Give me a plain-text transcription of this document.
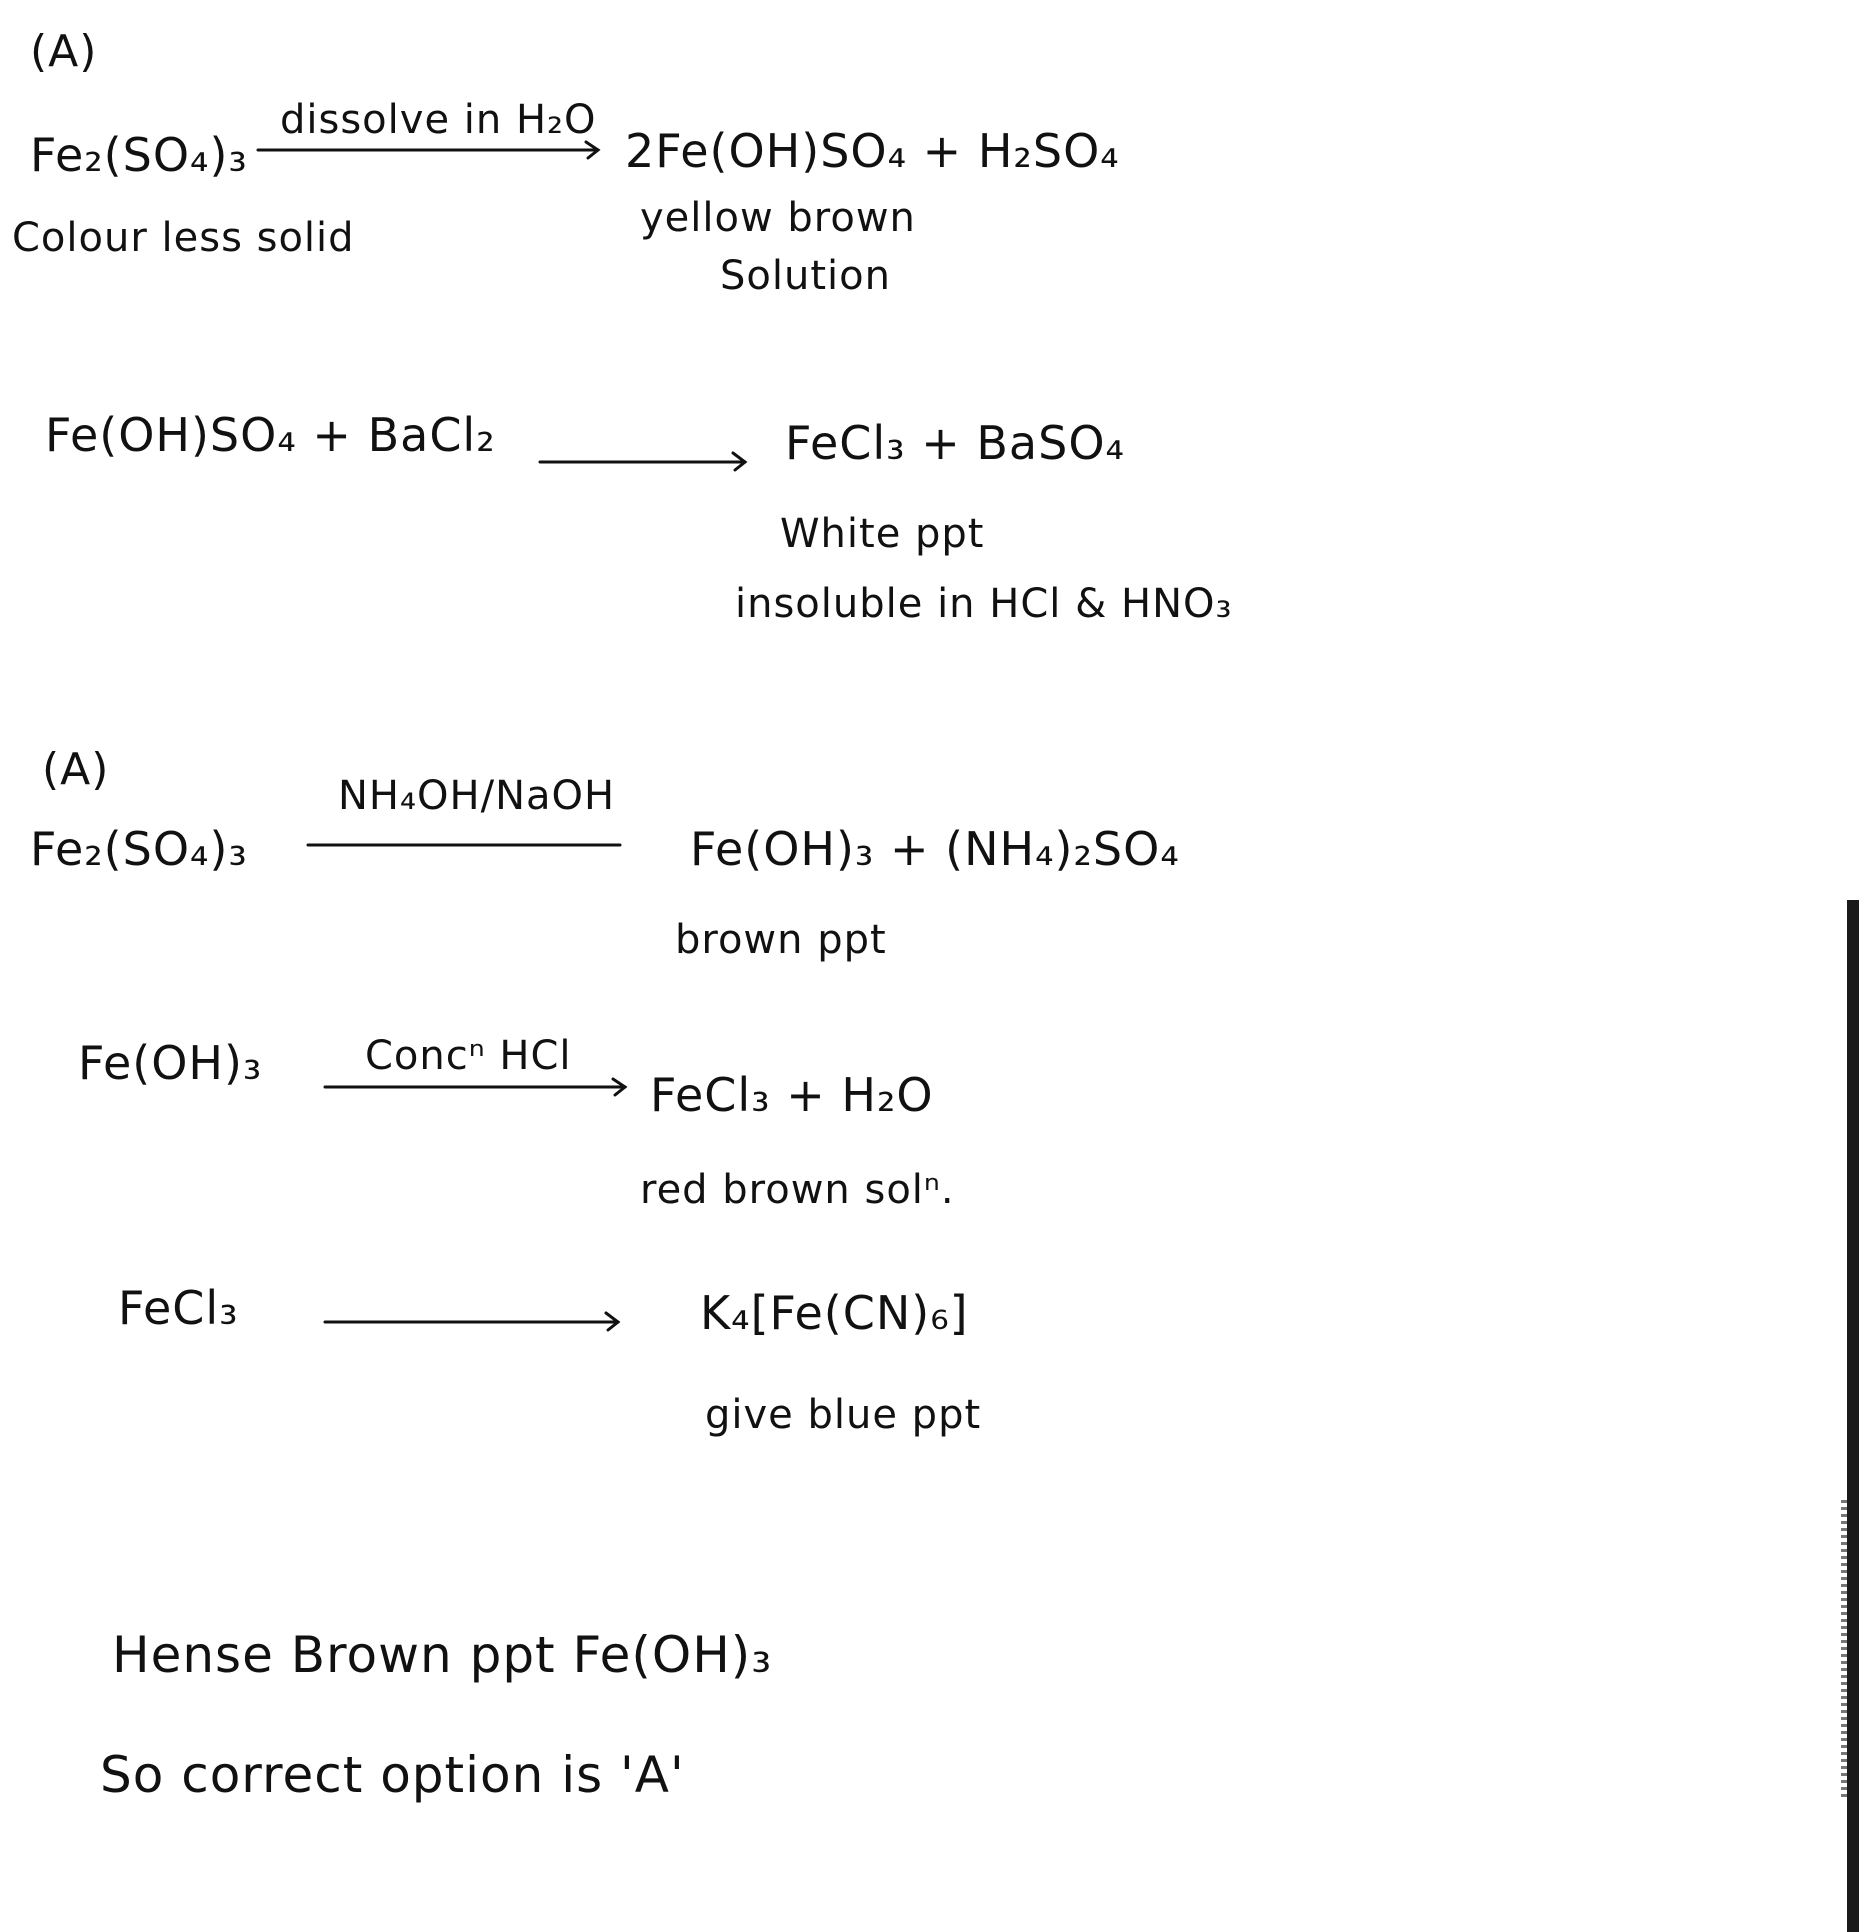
(A)
Fe₂(SO₄)₃
Colour less solid
dissolve in H₂O
2Fe(OH)SO₄ + H₂SO₄
yellow brown
Solution
Fe(OH)SO₄ + BaCl₂	FeCl₃ + BaSO₄
White ppt
insoluble in HCl & HNO₃
(A)
Fe₂(SO₄)₃
NH₄OH/NaOH
Fe(OH)₃ + (NH₄)₂SO₄
brown ppt
Fe(OH)₃	Concⁿ HCl
FeCl₃ + H₂O
red brown solⁿ.
FeCl₃	K₄[Fe(CN)₆]
give blue ppt
Hense Brown ppt Fe(OH)₃
So correct option is 'A'
